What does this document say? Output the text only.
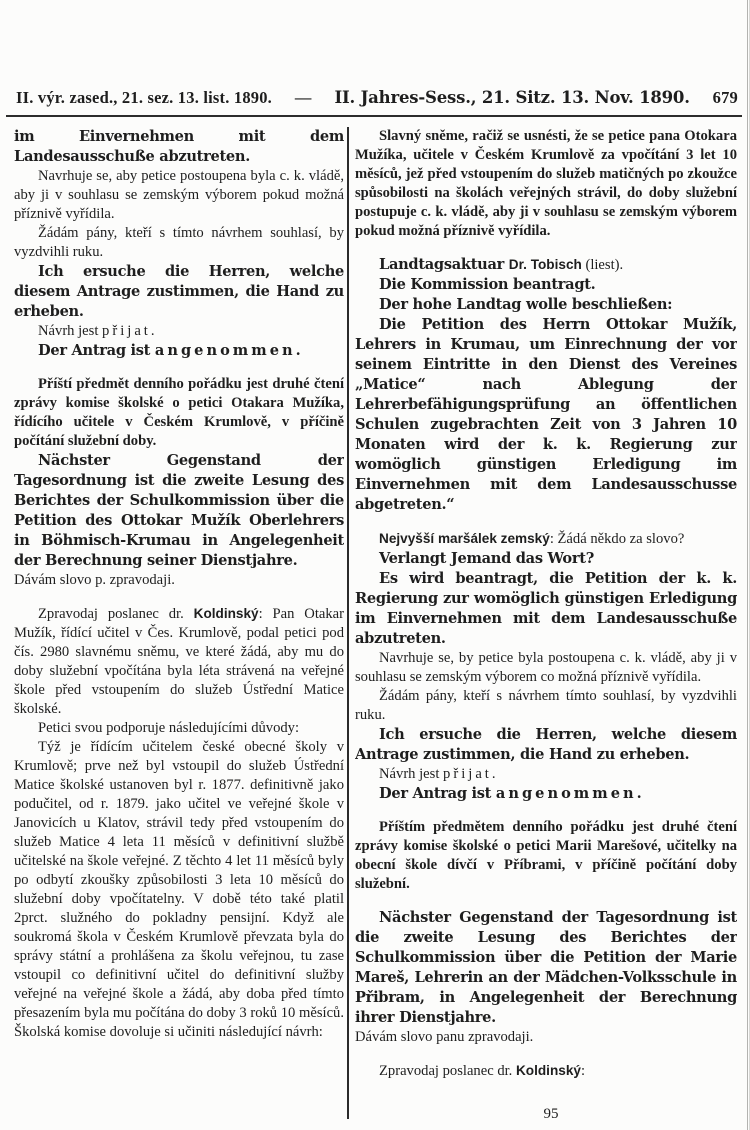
II. výr. zased., 21. sez. 13. list. 1890. — II. Jahres-Sess., 21. Sitz. 13. Nov. 1890. 679

im Einvernehmen mit dem Landesausschuße abzutreten.

Navrhuje se, aby petice postoupena byla c. k. vládě, aby ji v souhlasu se zemským výborem pokud možná příznivě vyřídila.

Žádám pány, kteří s tímto návrhem souhlasí, by vyzdvihli ruku.

Ich ersuche die Herren, welche diesem Antrage zustimmen, die Hand zu erheben.

Návrh jest přijat.

Der Antrag ist angenommen.

Příští předmět denního pořádku jest druhé čtení zprávy komise školské o petici Otakara Mužíka, řídícího učitele v Českém Krumlově, v příčině počítání služební doby.

Nächster Gegenstand der Tagesordnung ist die zweite Lesung des Berichtes der Schulkommission über die Petition des Ottokar Mužík Oberlehrers in Böhmisch-Krumau in Angelegenheit der Berechnung seiner Dienstjahre.

Dávám slovo p. zpravodaji.

Zpravodaj poslanec dr. Koldinský: Pan Otakar Mužík, řídící učitel v Čes. Krumlově, podal petici pod čís. 2980 slavnému sněmu, ve které žádá, aby mu do doby služební vpočítána byla léta strávená na veřejné škole před vstoupením do služeb Ústřední Matice školské.

Petici svou podporuje následujícími důvody:

Týž je řídícím učitelem české obecné školy v Krumlově; prve než byl vstoupil do služeb Ústřední Matice školské ustanoven byl r. 1877. definitivně jako podučitel, od r. 1879. jako učitel ve veřejné škole v Janovicích u Klatov, strávil tedy před vstoupením do služeb Matice 4 leta 11 měsíců v definitivní službě učitelské na škole veřejné. Z těchto 4 let 11 měsíců byly po odbytí zkoušky způsobilosti 3 leta 10 měsíců do služební doby vpočítatelny. V době této také platil 2prct. služného do pokladny pensijní. Když ale soukromá škola v Českém Krumlově převzata byla do správy státní a prohlášena za školu veřejnou, tu zase vstoupil co definitivní učitel do definitivní služby veřejné na veřejné škole a žádá, aby doba před tímto přesazením byla mu počítána do doby 3 roků 10 měsíců. Školská komise dovoluje si učiniti následující návrh:

Slavný sněme, račiž se usnésti, že se petice pana Otokara Mužíka, učitele v Českém Krumlově za vpočítání 3 let 10 měsíců, jež před vstoupením do služeb matičných po zkoužce spůsobilosti na školách veřejných strávil, do doby služební postupuje c. k. vládě, aby ji v souhlasu se zemským výborem pokud možná příznivě vyřídila.

Landtagsaktuar Dr. Tobisch (liest).

Die Kommission beantragt.

Der hohe Landtag wolle beschließen:

Die Petition des Herrn Ottokar Mužík, Lehrers in Krumau, um Einrechnung der vor seinem Eintritte in den Dienst des Vereines „Matice“ nach Ablegung der Lehrerbefähigungsprüfung an öffentlichen Schulen zugebrachten Zeit von 3 Jahren 10 Monaten wird der k. k. Regierung zur womöglich günstigen Erledigung im Einvernehmen mit dem Landesausschusse abgetreten.“

Nejvyšší maršálek zemský: Žádá někdo za slovo?

Verlangt Jemand das Wort?

Es wird beantragt, die Petition der k. k. Regierung zur womöglich günstigen Erledigung im Einvernehmen mit dem Landesausschuße abzutreten.

Navrhuje se, by petice byla postoupena c. k. vládě, aby ji v souhlasu se zemským výborem co možná příznivě vyřídila.

Žádám pány, kteří s návrhem tímto souhlasí, by vyzdvihli ruku.

Ich ersuche die Herren, welche diesem Antrage zustimmen, die Hand zu erheben.

Návrh jest přijat.

Der Antrag ist angenommen.

Příštím předmětem denního pořádku jest druhé čtení zprávy komise školské o petici Marii Marešové, učitelky na obecní škole dívčí v Příbrami, v příčině počítání doby služební.

Nächster Gegenstand der Tagesordnung ist die zweite Lesung des Berichtes der Schulkommission über die Petition der Marie Mareš, Lehrerin an der Mädchen-Volksschule in Přibram, in Angelegenheit der Berechnung ihrer Dienstjahre.

Dávám slovo panu zpravodaji.

Zpravodaj poslanec dr. Koldinský:

95
